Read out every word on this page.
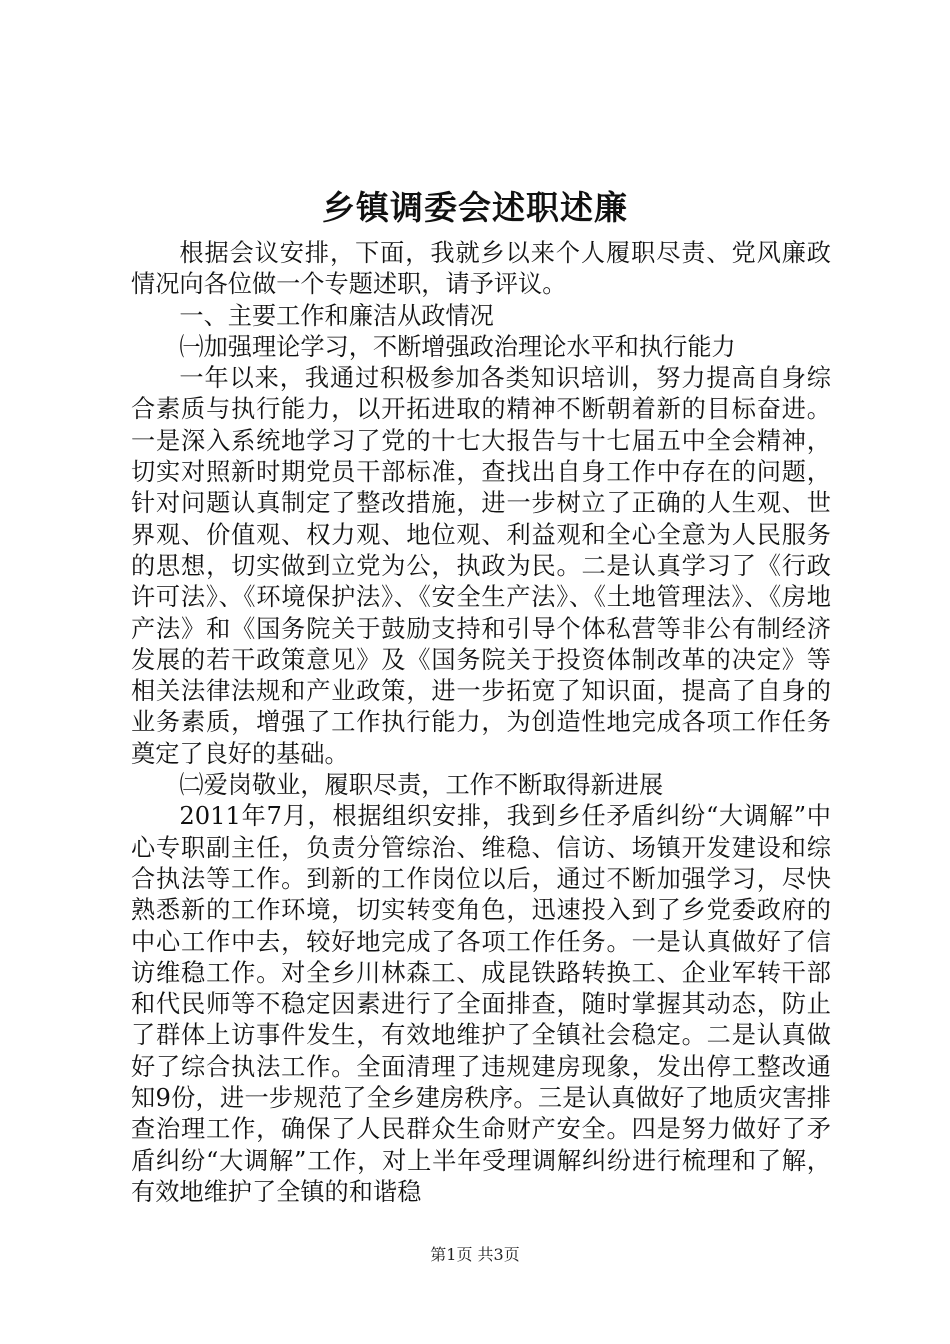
乡镇调委会述职述廉

根据会议安排，下面，我就乡以来个人履职尽责、党风廉政情况向各位做一个专题述职，请予评议。

一、主要工作和廉洁从政情况

㈠加强理论学习，不断增强政治理论水平和执行能力

一年以来，我通过积极参加各类知识培训，努力提高自身综合素质与执行能力，以开拓进取的精神不断朝着新的目标奋进。一是深入系统地学习了党的十七大报告与十七届五中全会精神，切实对照新时期党员干部标准，查找出自身工作中存在的问题，针对问题认真制定了整改措施，进一步树立了正确的人生观、世界观、价值观、权力观、地位观、利益观和全心全意为人民服务的思想，切实做到立党为公，执政为民。二是认真学习了《行政许可法》、《环境保护法》、《安全生产法》、《土地管理法》、《房地产法》和《国务院关于鼓励支持和引导个体私营等非公有制经济发展的若干政策意见》及《国务院关于投资体制改革的决定》等相关法律法规和产业政策，进一步拓宽了知识面，提高了自身的业务素质，增强了工作执行能力，为创造性地完成各项工作任务奠定了良好的基础。

㈡爱岗敬业，履职尽责，工作不断取得新进展

2011年7月，根据组织安排，我到乡任矛盾纠纷“大调解”中心专职副主任，负责分管综治、维稳、信访、场镇开发建设和综合执法等工作。到新的工作岗位以后，通过不断加强学习，尽快熟悉新的工作环境，切实转变角色，迅速投入到了乡党委政府的中心工作中去，较好地完成了各项工作任务。一是认真做好了信访维稳工作。对全乡川林森工、成昆铁路转换工、企业军转干部和代民师等不稳定因素进行了全面排查，随时掌握其动态，防止了群体上访事件发生，有效地维护了全镇社会稳定。二是认真做好了综合执法工作。全面清理了违规建房现象，发出停工整改通知9份，进一步规范了全乡建房秩序。三是认真做好了地质灾害排查治理工作，确保了人民群众生命财产安全。四是努力做好了矛盾纠纷“大调解”工作，对上半年受理调解纠纷进行梳理和了解，有效地维护了全镇的和谐稳

第1页 共3页
